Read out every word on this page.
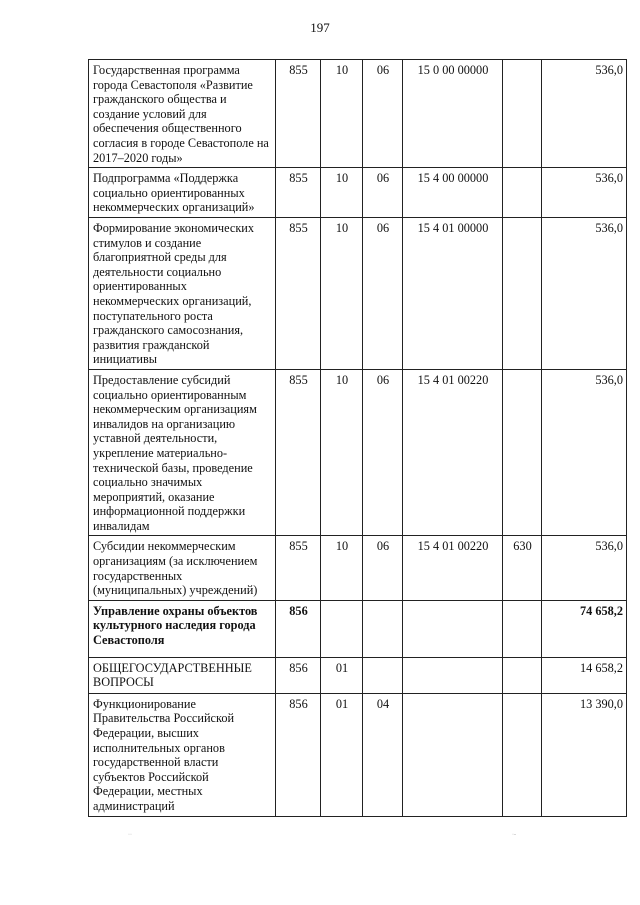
197
Государственная программа города Севастополя «Развитие гражданского общества и создание условий для обеспечения общественного согласия в городе Севастополе на 2017–2020 годы»	855	10	06	15 0 00 00000		536,0
Подпрограмма «Поддержка социально ориентированных некоммерческих организаций»	855	10	06	15 4 00 00000		536,0
Формирование экономических стимулов и создание благоприятной среды для деятельности социально ориентированных некоммерческих организаций, поступательного роста гражданского самосознания, развития гражданской инициативы	855	10	06	15 4 01 00000		536,0
Предоставление субсидий социально ориентированным некоммерческим организациям инвалидов на организацию уставной деятельности, укрепление материально-технической базы, проведение социально значимых мероприятий, оказание информационной поддержки инвалидам	855	10	06	15 4 01 00220		536,0
Субсидии некоммерческим организациям (за исключением государственных (муниципальных) учреждений)	855	10	06	15 4 01 00220	630	536,0
Управление охраны объектов культурного наследия города Севастополя	856					74 658,2
ОБЩЕГОСУДАРСТВЕННЫЕ ВОПРОСЫ	856	01				14 658,2
Функционирование Правительства Российской Федерации, высших исполнительных органов государственной власти субъектов Российской Федерации, местных администраций	856	01	04			13 390,0
··	·-
